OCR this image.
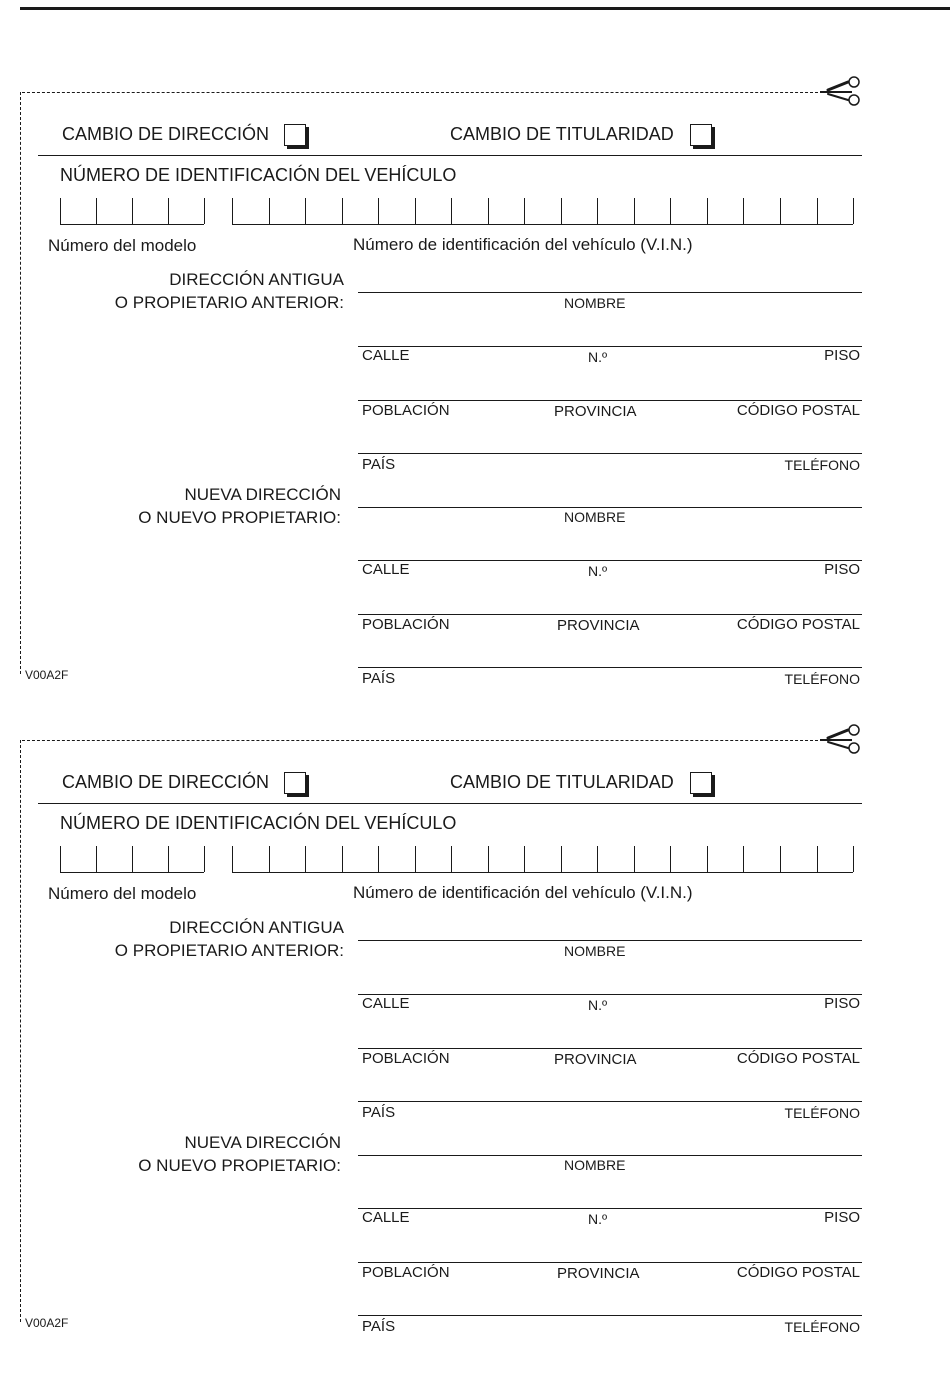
CAMBIO DE DIRECCIÓN	CAMBIO DE TITULARIDAD
NÚMERO DE IDENTIFICACIÓN DEL VEHÍCULO
Número del modelo	Número de identificación del vehículo (V.I.N.)
DIRECCIÓN ANTIGUA
O PROPIETARIO ANTERIOR:	NOMBRE
CALLE	N.º	PISO
POBLACIÓN	PROVINCIA	CÓDIGO POSTAL
PAÍS	TELÉFONO
NUEVA DIRECCIÓN
O NUEVO PROPIETARIO:	NOMBRE
CALLE	N.º	PISO
POBLACIÓN	PROVINCIA	CÓDIGO POSTAL
PAÍS	TELÉFONO
V00A2F
CAMBIO DE DIRECCIÓN	CAMBIO DE TITULARIDAD
NÚMERO DE IDENTIFICACIÓN DEL VEHÍCULO
Número del modelo	Número de identificación del vehículo (V.I.N.)
DIRECCIÓN ANTIGUA
O PROPIETARIO ANTERIOR:	NOMBRE
CALLE	N.º	PISO
POBLACIÓN	PROVINCIA	CÓDIGO POSTAL
PAÍS	TELÉFONO
NUEVA DIRECCIÓN
O NUEVO PROPIETARIO:	NOMBRE
CALLE	N.º	PISO
POBLACIÓN	PROVINCIA	CÓDIGO POSTAL
PAÍS	TELÉFONO
V00A2F
